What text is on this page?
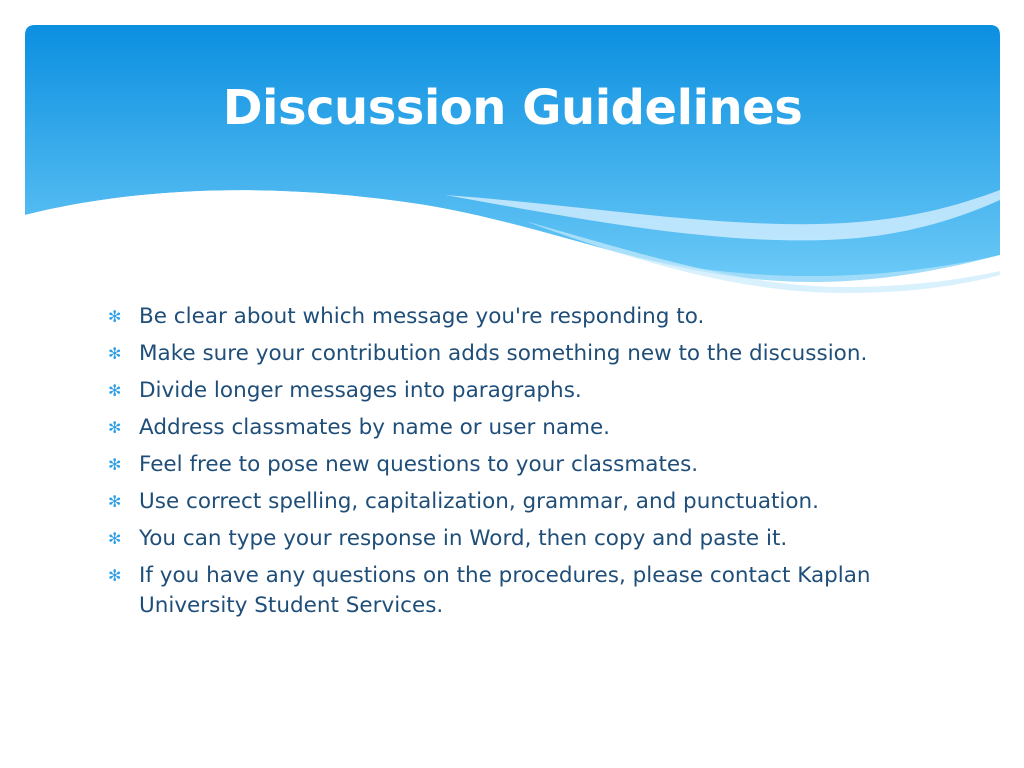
Discussion Guidelines
✻ Be clear about which message you're responding to.
✻ Make sure your contribution adds something new to the discussion.
✻ Divide longer messages into paragraphs.
✻ Address classmates by name or user name.
✻ Feel free to pose new questions to your classmates.
✻ Use correct spelling, capitalization, grammar, and punctuation.
✻ You can type your response in Word, then copy and paste it.
✻ If you have any questions on the procedures, please contact Kaplan University Student Services.
